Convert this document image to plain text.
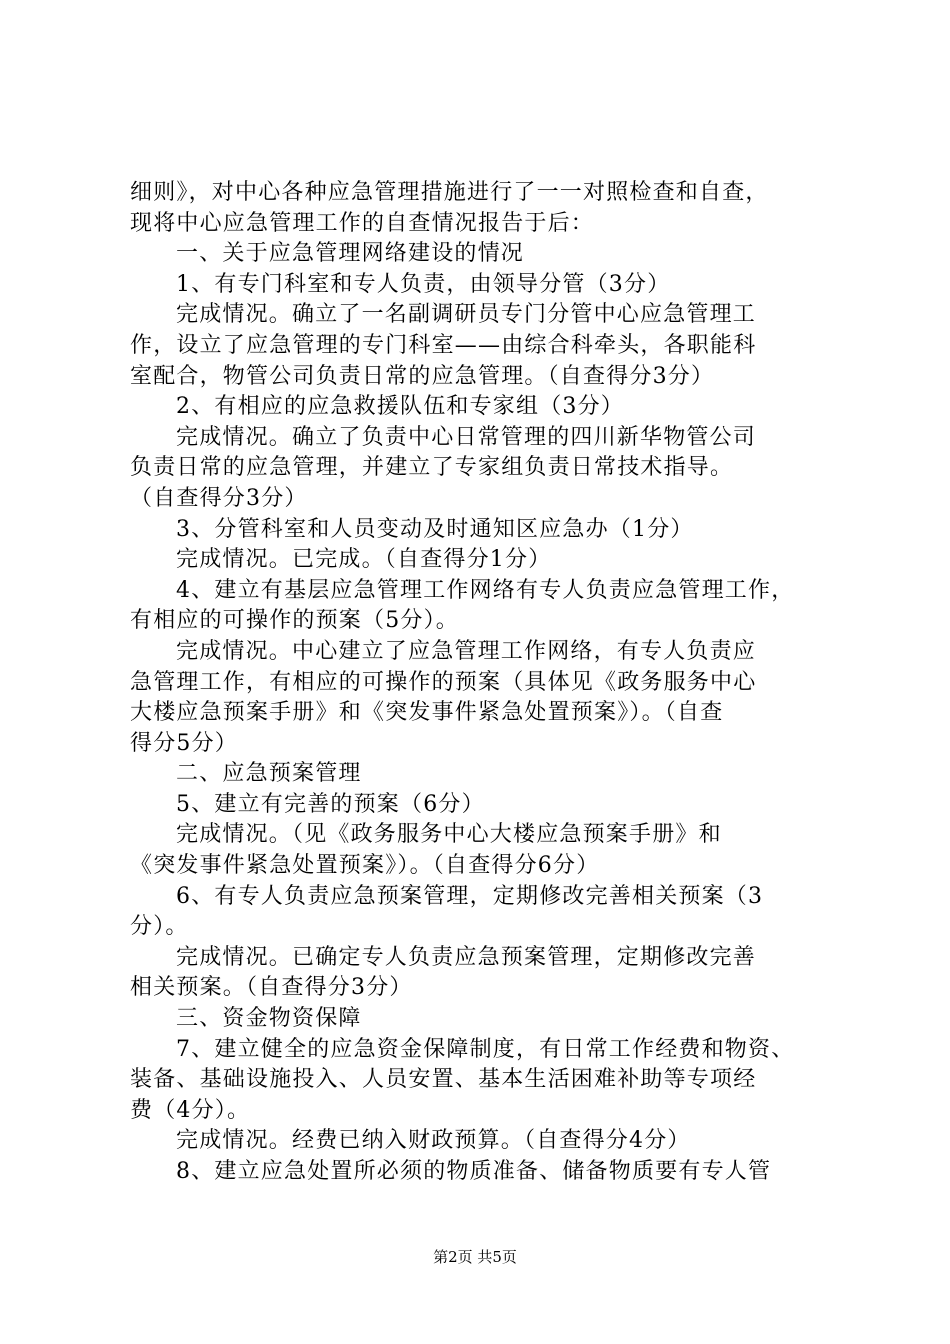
细则》，对中心各种应急管理措施进行了一一对照检查和自查，
现将中心应急管理工作的自查情况报告于后：
一、关于应急管理网络建设的情况
1、有专门科室和专人负责，由领导分管（3分）
完成情况。确立了一名副调研员专门分管中心应急管理工
作，设立了应急管理的专门科室——由综合科牵头，各职能科
室配合，物管公司负责日常的应急管理。（自查得分3分）
2、有相应的应急救援队伍和专家组（3分）
完成情况。确立了负责中心日常管理的四川新华物管公司
负责日常的应急管理，并建立了专家组负责日常技术指导。
（自查得分3分）
3、分管科室和人员变动及时通知区应急办（1分）
完成情况。已完成。（自查得分1分）
4、建立有基层应急管理工作网络有专人负责应急管理工作，
有相应的可操作的预案（5分）。
完成情况。中心建立了应急管理工作网络，有专人负责应
急管理工作，有相应的可操作的预案（具体见《政务服务中心
大楼应急预案手册》和《突发事件紧急处置预案》）。（自查
得分5分）
二、应急预案管理
5、建立有完善的预案（6分）
完成情况。（见《政务服务中心大楼应急预案手册》和
《突发事件紧急处置预案》）。（自查得分6分）
6、有专人负责应急预案管理，定期修改完善相关预案（3
分）。
完成情况。已确定专人负责应急预案管理，定期修改完善
相关预案。（自查得分3分）
三、资金物资保障
7、建立健全的应急资金保障制度，有日常工作经费和物资、
装备、基础设施投入、人员安置、基本生活困难补助等专项经
费（4分）。
完成情况。经费已纳入财政预算。（自查得分4分）
8、建立应急处置所必须的物质准备、储备物质要有专人管
第2页 共5页
